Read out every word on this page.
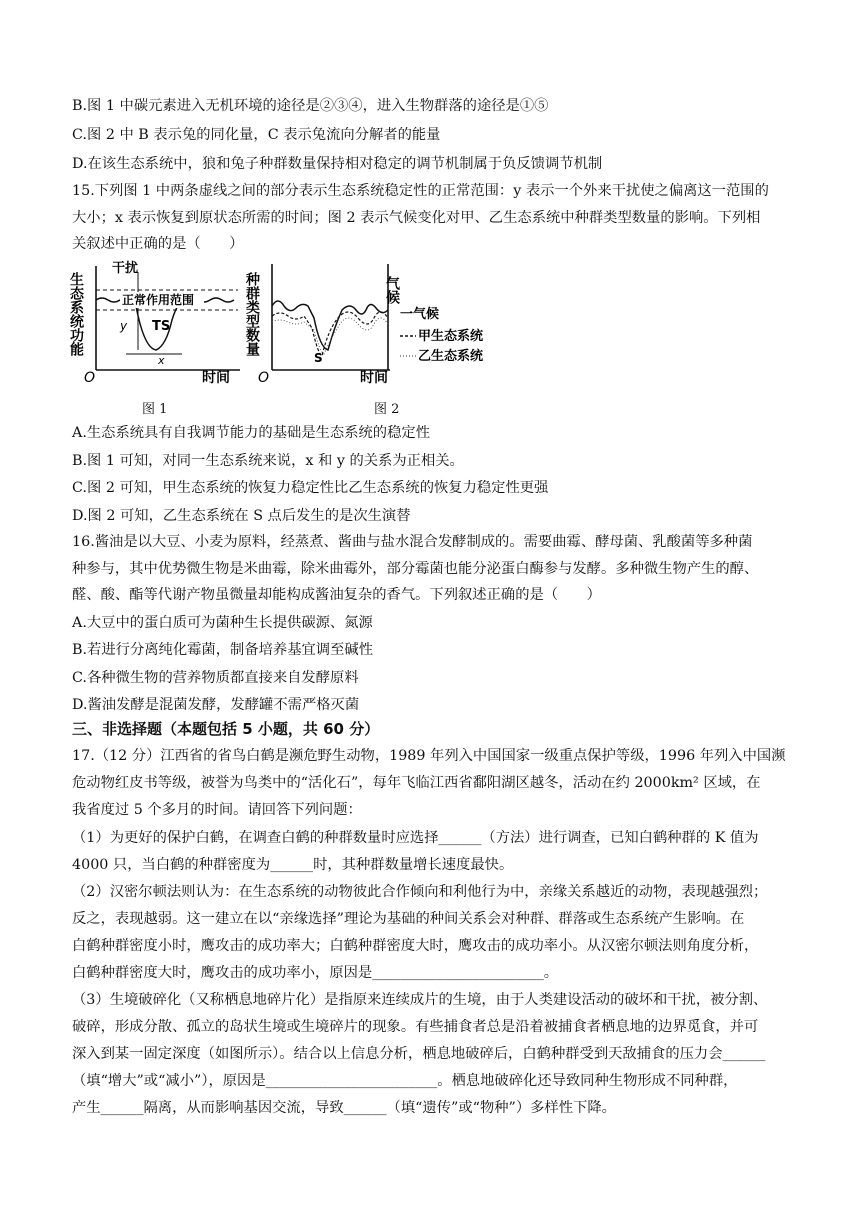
B.图 1 中碳元素进入无机环境的途径是②③④，进入生物群落的途径是①⑤
C.图 2 中 B 表示兔的同化量，C 表示兔流向分解者的能量
D.在该生态系统中，狼和兔子种群数量保持相对稳定的调节机制属于负反馈调节机制
15.下列图 1 中两条虚线之间的部分表示生态系统稳定性的正常范围：y 表示一个外来干扰使之偏离这一范围的
大小；x 表示恢复到原状态所需的时间；图 2 表示气候变化对甲、乙生态系统中种群类型数量的影响。下列相
关叙述中正确的是（　　）
生态系统功能
干扰
正常作用范围
y TS
x
O	时间
图 1
种群类型数量	气候
S
O	时间
一气候
甲生态系统
乙生态系统
图 2
A.生态系统具有自我调节能力的基础是生态系统的稳定性
B.图 1 可知，对同一生态系统来说，x 和 y 的关系为正相关。
C.图 2 可知，甲生态系统的恢复力稳定性比乙生态系统的恢复力稳定性更强
D.图 2 可知，乙生态系统在 S 点后发生的是次生演替
16.酱油是以大豆、小麦为原料，经蒸煮、酱曲与盐水混合发酵制成的。需要曲霉、酵母菌、乳酸菌等多种菌
种参与，其中优势微生物是米曲霉，除米曲霉外，部分霉菌也能分泌蛋白酶参与发酵。多种微生物产生的醇、
醛、酸、酯等代谢产物虽微量却能构成酱油复杂的香气。下列叙述正确的是（　　）
A.大豆中的蛋白质可为菌种生长提供碳源、氮源
B.若进行分离纯化霉菌，制备培养基宜调至碱性
C.各种微生物的营养物质都直接来自发酵原料
D.酱油发酵是混菌发酵，发酵罐不需严格灭菌
三、非选择题（本题包括 5 小题，共 60 分）
17.（12 分）江西省的省鸟白鹤是濒危野生动物，1989 年列入中国国家一级重点保护等级，1996 年列入中国濒
危动物红皮书等级，被誉为鸟类中的“活化石”，每年飞临江西省鄱阳湖区越冬，活动在约 2000km² 区域，在
我省度过 5 个多月的时间。请回答下列问题：
（1）为更好的保护白鹤，在调查白鹤的种群数量时应选择______（方法）进行调查，已知白鹤种群的 K 值为
4000 只，当白鹤的种群密度为______时，其种群数量增长速度最快。
（2）汉密尔顿法则认为：在生态系统的动物彼此合作倾向和利他行为中，亲缘关系越近的动物，表现越强烈；
反之，表现越弱。这一建立在以“亲缘选择”理论为基础的种间关系会对种群、群落或生态系统产生影响。在
白鹤种群密度小时，鹰攻击的成功率大；白鹤种群密度大时，鹰攻击的成功率小。从汉密尔顿法则角度分析，
白鹤种群密度大时，鹰攻击的成功率小，原因是________________________。
（3）生境破碎化（又称栖息地碎片化）是指原来连续成片的生境，由于人类建设活动的破坏和干扰，被分割、
破碎，形成分散、孤立的岛状生境或生境碎片的现象。有些捕食者总是沿着被捕食者栖息地的边界觅食，并可
深入到某一固定深度（如图所示）。结合以上信息分析，栖息地破碎后，白鹤种群受到天敌捕食的压力会______
（填“增大”或“减小”），原因是________________________。栖息地破碎化还导致同种生物形成不同种群，
产生______隔离，从而影响基因交流，导致______（填“遗传”或“物种”）多样性下降。
